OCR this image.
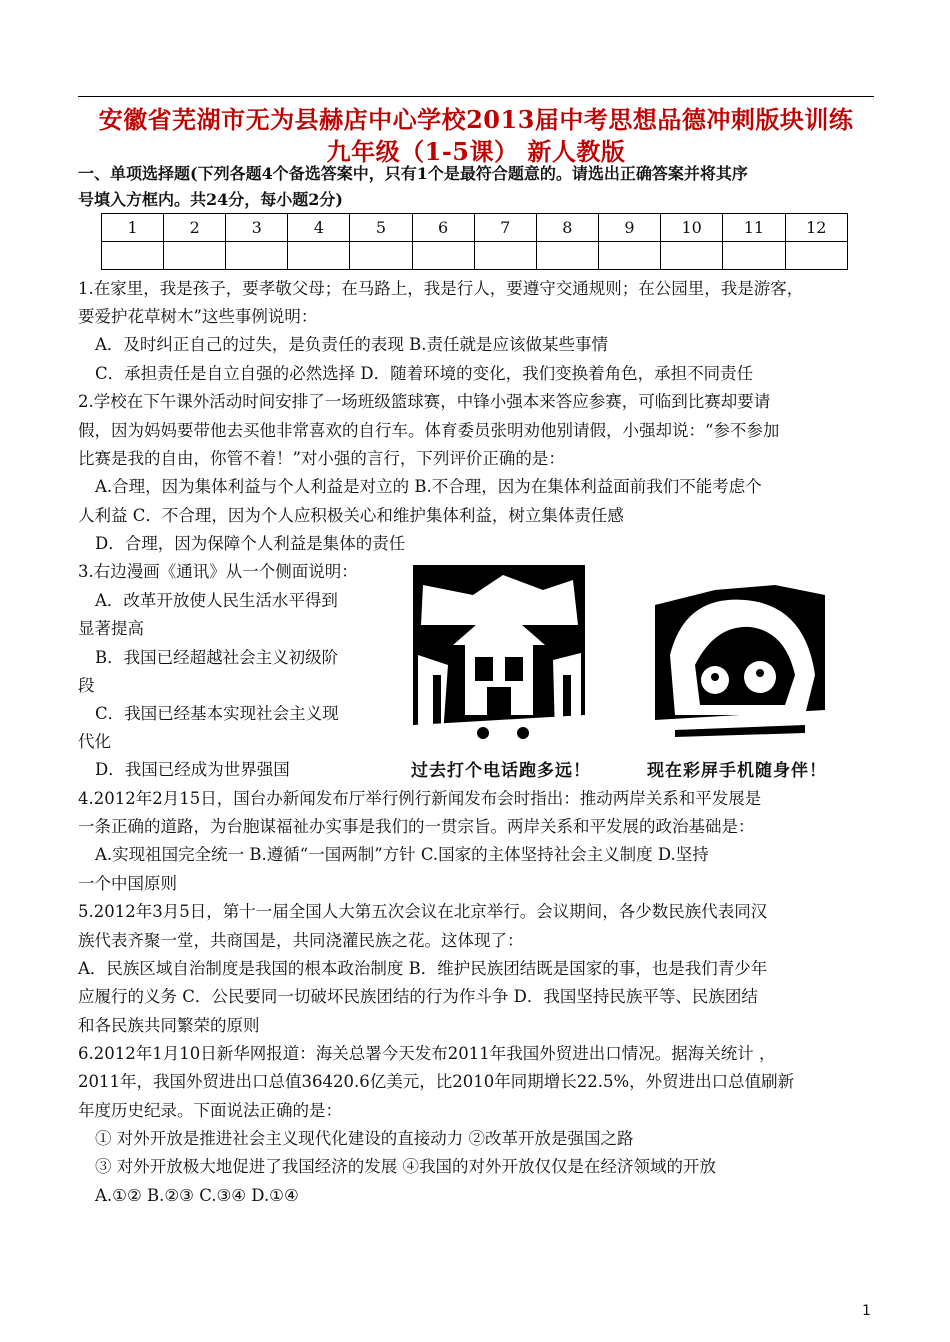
安徽省芜湖市无为县赫店中心学校2013届中考思想品德冲刺版块训练
九年级（1-5课） 新人教版
一、单项选择题(下列各题4个备选答案中，只有1个是最符合题意的。请选出正确答案并将其序
号填入方框内。共24分，每小题2分)
1	2	3	4	5	6	7	8	9	10	11	12

1.在家里，我是孩子，要孝敬父母；在马路上，我是行人，要遵守交通规则；在公园里，我是游客，
要爱护花草树木”这些事例说明：
A．及时纠正自己的过失，是负责任的表现 B.责任就是应该做某些事情
C．承担责任是自立自强的必然选择 D．随着环境的变化，我们变换着角色，承担不同责任
2.学校在下午课外活动时间安排了一场班级篮球赛，中锋小强本来答应参赛，可临到比赛却要请
假，因为妈妈要带他去买他非常喜欢的自行车。体育委员张明劝他别请假，小强却说：“参不参加
比赛是我的自由，你管不着！”对小强的言行，下列评价正确的是：
A.合理，因为集体利益与个人利益是对立的 B.不合理，因为在集体利益面前我们不能考虑个
人利益 C．不合理，因为个人应积极关心和维护集体利益，树立集体责任感
D．合理，因为保障个人利益是集体的责任
3.右边漫画《通讯》从一个侧面说明：
A．改革开放使人民生活水平得到
显著提高
B．我国已经超越社会主义初级阶
段
C．我国已经基本实现社会主义现
代化
D．我国已经成为世界强国	过去打个电话跑多远！	现在彩屏手机随身伴！
4.2012年2月15日，国台办新闻发布厅举行例行新闻发布会时指出：推动两岸关系和平发展是
一条正确的道路，为台胞谋福祉办实事是我们的一贯宗旨。两岸关系和平发展的政治基础是：
A.实现祖国完全统一 B.遵循“一国两制”方针 C.国家的主体坚持社会主义制度 D.坚持
一个中国原则
5.2012年3月5日，第十一届全国人大第五次会议在北京举行。会议期间，各少数民族代表同汉
族代表齐聚一堂，共商国是，共同浇灌民族之花。这体现了：
A．民族区域自治制度是我国的根本政治制度 B．维护民族团结既是国家的事，也是我们青少年
应履行的义务 C．公民要同一切破坏民族团结的行为作斗争 D．我国坚持民族平等、民族团结
和各民族共同繁荣的原则
6.2012年1月10日新华网报道：海关总署今天发布2011年我国外贸进出口情况。据海关统计 ，
2011年，我国外贸进出口总值36420.6亿美元，比2010年同期增长22.5%，外贸进出口总值刷新
年度历史纪录。下面说法正确的是：
① 对外开放是推进社会主义现代化建设的直接动力 ②改革开放是强国之路
③ 对外开放极大地促进了我国经济的发展 ④我国的对外开放仅仅是在经济领域的开放
A.①② B.②③ C.③④ D.①④
1
